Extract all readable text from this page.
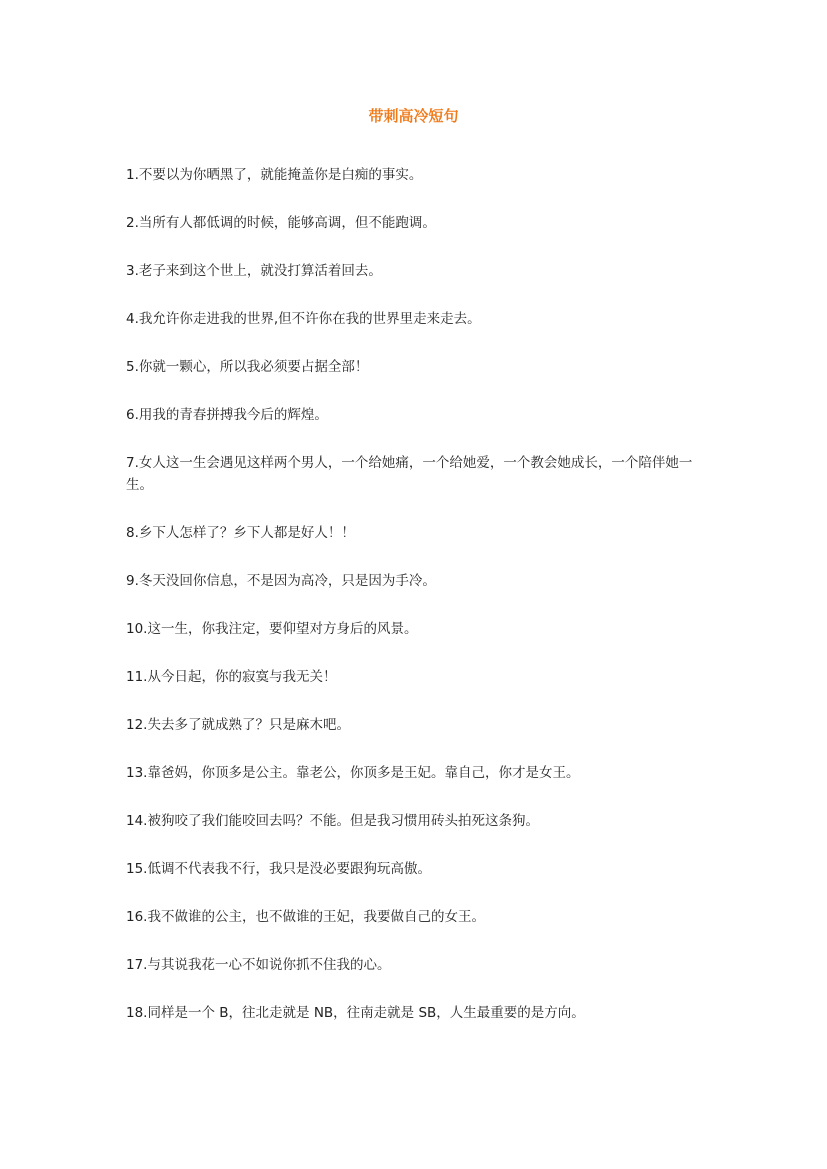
带刺高冷短句
1.不要以为你晒黑了，就能掩盖你是白痴的事实。
2.当所有人都低调的时候，能够高调，但不能跑调。
3.老子来到这个世上，就没打算活着回去。
4.我允许你走进我的世界,但不许你在我的世界里走来走去。
5.你就一颗心，所以我必须要占据全部！
6.用我的青春拼搏我今后的辉煌。
7.女人这一生会遇见这样两个男人，一个给她痛，一个给她爱，一个教会她成长，一个陪伴她一生。
8.乡下人怎样了？乡下人都是好人！！
9.冬天没回你信息，不是因为高冷，只是因为手冷。
10.这一生，你我注定，要仰望对方身后的风景。
11.从今日起，你的寂寞与我无关！
12.失去多了就成熟了？只是麻木吧。
13.靠爸妈，你顶多是公主。靠老公，你顶多是王妃。靠自己，你才是女王。
14.被狗咬了我们能咬回去吗？不能。但是我习惯用砖头拍死这条狗。
15.低调不代表我不行，我只是没必要跟狗玩高傲。
16.我不做谁的公主，也不做谁的王妃，我要做自己的女王。
17.与其说我花一心不如说你抓不住我的心。
18.同样是一个 B，往北走就是 NB，往南走就是 SB，人生最重要的是方向。
